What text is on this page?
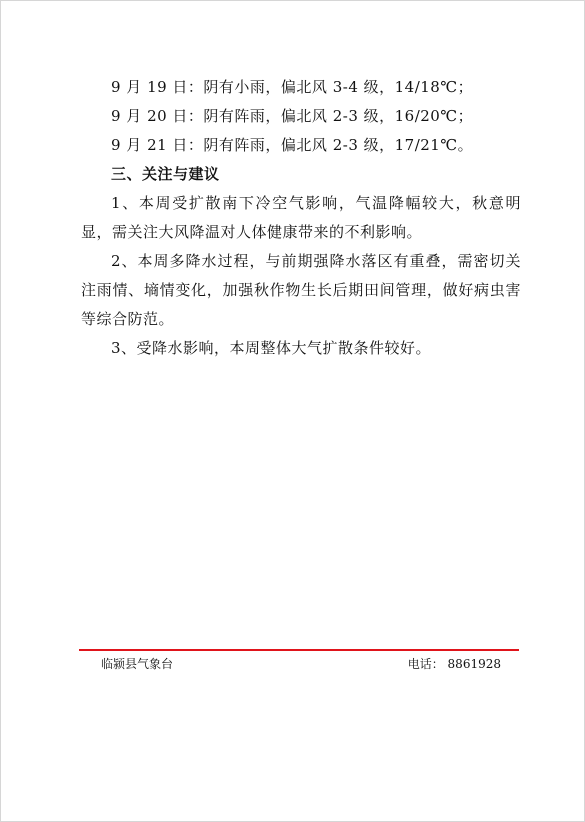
9 月 19 日：阴有小雨，偏北风 3-4 级，14/18℃；
9 月 20 日：阴有阵雨，偏北风 2-3 级，16/20℃；
9 月 21 日：阴有阵雨，偏北风 2-3 级，17/21℃。
三、关注与建议
1、本周受扩散南下冷空气影响，气温降幅较大，秋意明显，需关注大风降温对人体健康带来的不利影响。
2、本周多降水过程，与前期强降水落区有重叠，需密切关注雨情、墒情变化，加强秋作物生长后期田间管理，做好病虫害等综合防范。
3、受降水影响，本周整体大气扩散条件较好。
临颍县气象台	电话： 8861928
